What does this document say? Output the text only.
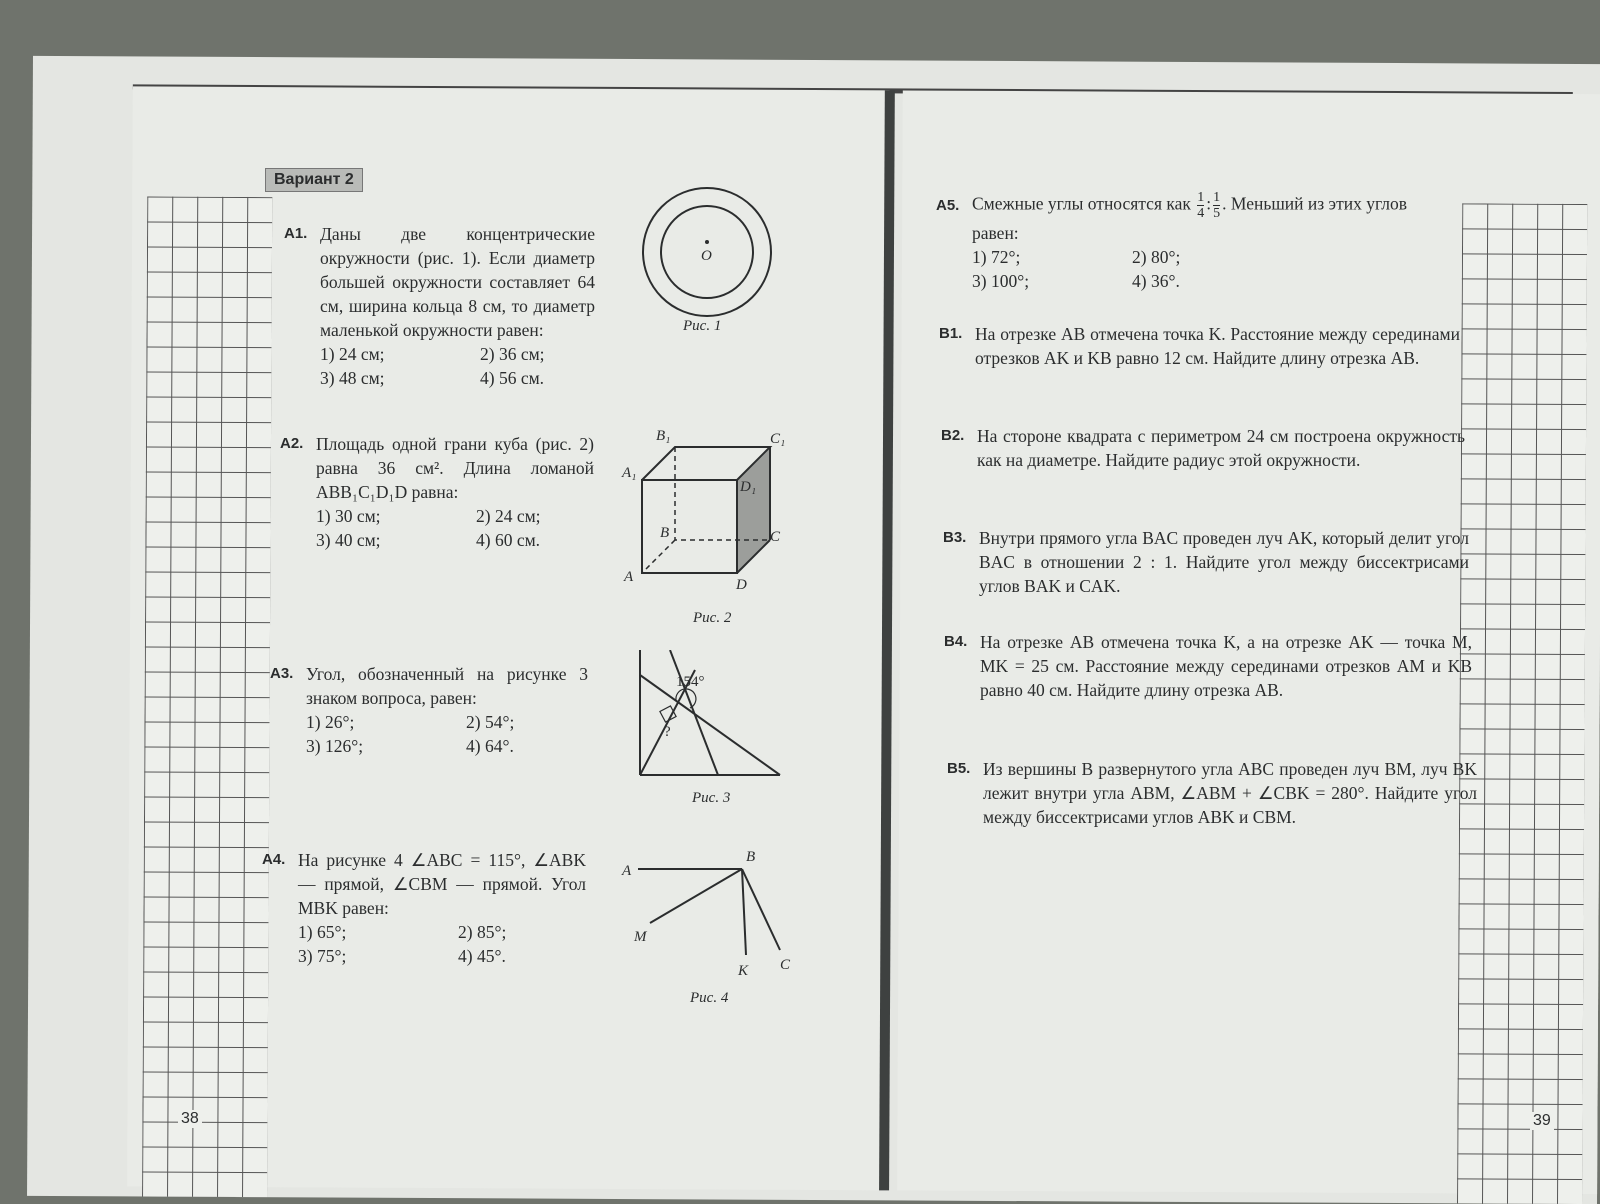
Вариант 2
A1. Даны две концентрические окружности (рис. 1). Если диаметр большей окружности составляет 64 см, ширина кольца 8 см, то диаметр маленькой окружности равен:
1) 24 см;	2) 36 см;
3) 48 см;	4) 56 см.
A2. Площадь одной грани куба (рис. 2) равна 36 см². Длина ломаной ABB₁C₁D₁D равна:
1) 30 см;	2) 24 см;
3) 40 см;	4) 60 см.
A3. Угол, обозначенный на рисунке 3 знаком вопроса, равен:
1) 26°;	2) 54°;
3) 126°;	4) 64°.
A4. На рисунке 4 ∠ABC = 115°, ∠ABK — прямой, ∠CBM — прямой. Угол MBK равен:
1) 65°;	2) 85°;
3) 75°;	4) 45°.
O
Рис. 1
B₁	C₁
A₁
D₁
B	C
A	D
Рис. 2
154°
?
Рис. 3
A
B
M
K C
Рис. 4
38
A5. Смежные углы относятся как $\frac{1}{4}$ : $\frac{1}{5}$ . Меньший из этих углов равен:
1) 72°;	2) 80°;
3) 100°;	4) 36°.
B1. На отрезке AB отмечена точка K. Расстояние между серединами отрезков AK и KB равно 12 см. Найдите длину отрезка AB.
B2. На стороне квадрата с периметром 24 см построена окружность как на диаметре. Найдите радиус этой окружности.
B3. Внутри прямого угла BAC проведен луч AK, который делит угол BAC в отношении 2 : 1. Найдите угол между биссектрисами углов BAK и CAK.
B4. На отрезке AB отмечена точка K, а на отрезке AK — точка M, MK = 25 см. Расстояние между серединами отрезков AM и KB равно 40 см. Найдите длину отрезка AB.
B5. Из вершины B развернутого угла ABC проведен луч BM, луч BK лежит внутри угла ABM, ∠ABM + ∠CBK = 280°. Найдите угол между биссектрисами углов ABK и CBM.
39
